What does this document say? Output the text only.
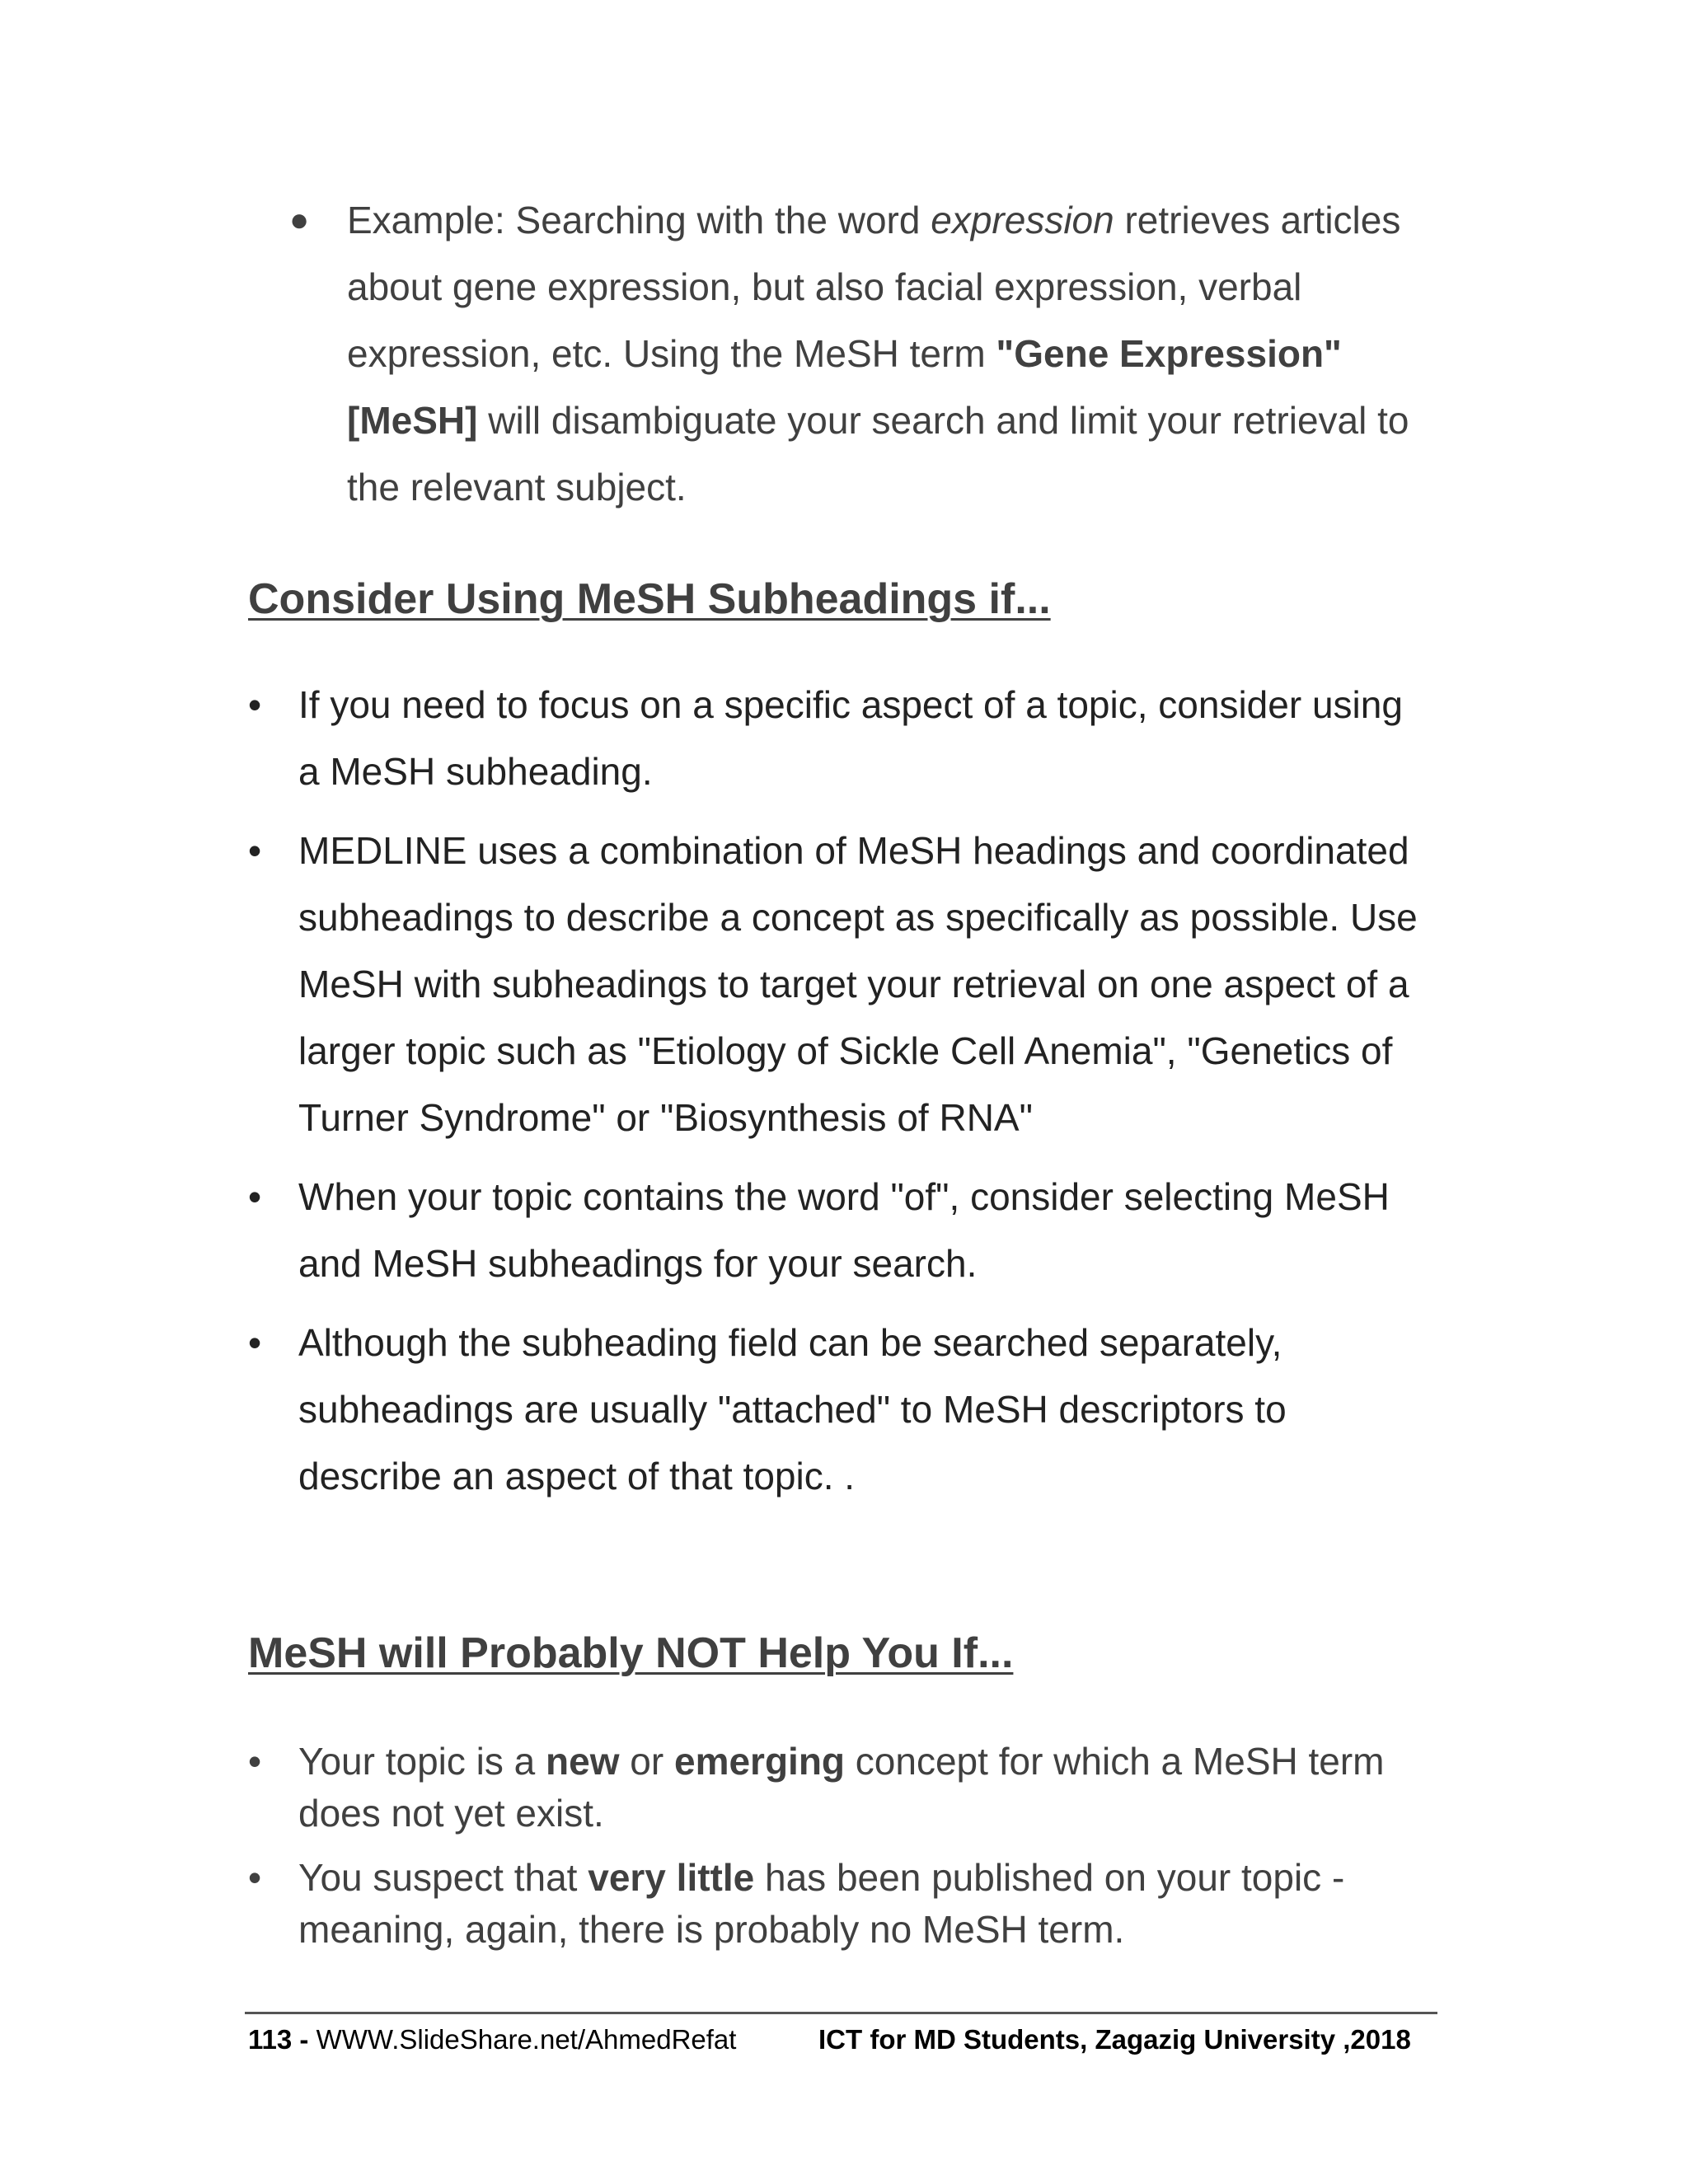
● Example: Searching with the word expression retrieves articles about gene expression, but also facial expression, verbal expression, etc. Using the MeSH term "Gene Expression" [MeSH] will disambiguate your search and limit your retrieval to the relevant subject.

Consider Using MeSH Subheadings if...
• If you need to focus on a specific aspect of a topic, consider using a MeSH subheading.
• MEDLINE uses a combination of MeSH headings and coordinated subheadings to describe a concept as specifically as possible. Use MeSH with subheadings to target your retrieval on one aspect of a larger topic such as "Etiology of Sickle Cell Anemia", "Genetics of Turner Syndrome" or "Biosynthesis of RNA"
• When your topic contains the word "of", consider selecting MeSH and MeSH subheadings for your search.
• Although the subheading field can be searched separately, subheadings are usually "attached" to MeSH descriptors to describe an aspect of that topic. .
MeSH will Probably NOT Help You If...
• Your topic is a new or emerging concept for which a MeSH term does not yet exist.
• You suspect that very little has been published on your topic - meaning, again, there is probably no MeSH term.
113 - WWW.SlideShare.net/AhmedRefat	ICT for MD Students, Zagazig University ,2018
